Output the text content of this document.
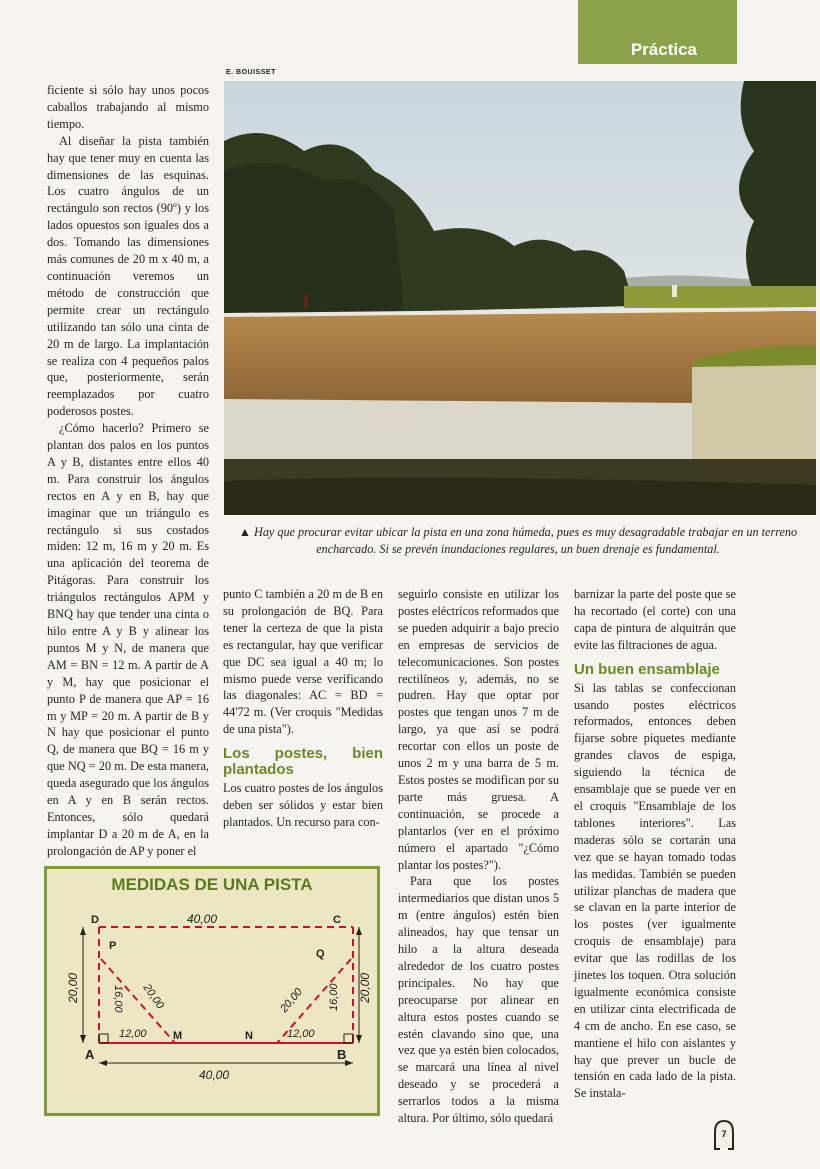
Práctica
E. BOUISSET
▲ Hay que procurar evitar ubicar la pista en una zona húmeda, pues es muy desagradable trabajar en un terreno encharcado. Si se prevén inundaciones regulares, un buen drenaje es fundamental.

ficiente si sólo hay unos pocos caballos trabajando al mismo tiempo.

Al diseñar la pista también hay que tener muy en cuenta las dimensiones de las esquinas. Los cuatro ángulos de un rectángulo son rectos (90º) y los lados opuestos son iguales dos a dos. Tomando las dimensiones más comunes de 20 m x 40 m, a continuación veremos un método de construcción que permite crear un rectángulo utilizando tan sólo una cinta de 20 m de largo. La implantación se realiza con 4 pequeños palos que, posteriormente, serán reemplazados por cuatro poderosos postes.

¿Cómo hacerlo? Primero se plantan dos palos en los puntos A y B, distantes entre ellos 40 m. Para construir los ángulos rectos en A y en B, hay que imaginar que un triángulo es rectángulo si sus costados miden: 12 m, 16 m y 20 m. Es una aplicación del teorema de Pitágoras. Para construir los triángulos rectángulos APM y BNQ hay que tender una cinta o hilo entre A y B y alinear los puntos M y N, de manera que AM = BN = 12 m. A partir de A y M, hay que posicionar el punto P de manera que AP = 16 m y MP = 20 m. A partir de B y N hay que posicionar el punto Q, de manera que BQ = 16 m y que NQ = 20 m. De esta manera, queda asegurado que los ángulos en A y en B serán rectos. Entonces, sólo quedará implantar D a 20 m de A, en la prolongación de AP y poner el

punto C también a 20 m de B en su prolongación de BQ. Para tener la certeza de que la pista es rectangular, hay que verificar que DC sea igual a 40 m; lo mismo puede verse verificando las diagonales: AC = BD = 44'72 m. (Ver croquis "Medidas de una pista").

Los postes, bien plantados

Los cuatro postes de los ángulos deben ser sólidos y estar bien plantados. Un recurso para con-

seguirlo consiste en utilizar los postes eléctricos reformados que se pueden adquirir a bajo precio en empresas de servicios de telecomunicaciones. Son postes rectilíneos y, además, no se pudren. Hay que optar por postes que tengan unos 7 m de largo, ya que así se podrá recortar con ellos un poste de unos 2 m y una barra de 5 m. Estos postes se modifican por su parte más gruesa. A continuación, se procede a plantarlos (ver en el próximo número el apartado "¿Cómo plantar los postes?").

Para que los postes intermediarios que distan unos 5 m (entre ángulos) estén bien alineados, hay que tensar un hilo a la altura deseada alrededor de los cuatro postes principales. No hay que preocuparse por alinear en altura estos postes cuando se estén clavando sino que, una vez que ya estén bien colocados, se marcará una línea al nivel deseado y se procederá a serrarlos todos a la misma altura. Por último, sólo quedará

barnizar la parte del poste que se ha recortado (el corte) con una capa de pintura de alquitrán que evite las filtraciones de agua.

Un buen ensamblaje

Si las tablas se confeccionan usando postes eléctricos reformados, entonces deben fijarse sobre piquetes mediante grandes clavos de espiga, siguiendo la técnica de ensamblaje que se puede ver en el croquis "Ensamblaje de los tablones interiores". Las maderas sólo se cortarán una vez que se hayan tomado todas las medidas. También se pueden utilizar planchas de madera que se clavan en la parte interior de los postes (ver igualmente croquis de ensamblaje) para evitar que las rodillas de los jinetes los toquen. Otra solución igualmente económica consiste en utilizar cinta electrificada de 4 cm de ancho. En ese caso, se mantiene el hilo con aislantes y hay que prever un bucle de tensión en cada lado de la pista. Se instala-

MEDIDAS DE UNA PISTA
D	C
A	B
P
Q
M	N
40,00
40,00
12,00	12,00
20,00	20,00
16,00	16,00
20,00	20,00
7
